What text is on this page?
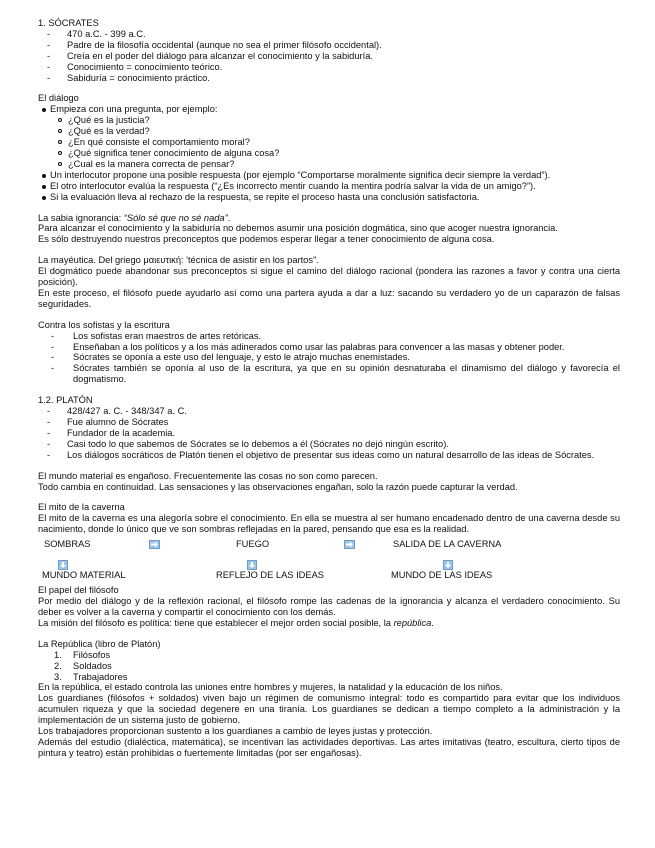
1. SÓCRATES

- 470 a.C. - 399 a.C.
- Padre de la filosofía occidental (aunque no sea el primer filósofo occidental).
- Creía en el poder del diálogo para alcanzar el conocimiento y la sabiduría.
- Conocimiento = conocimiento teórico.
- Sabiduría = conocimiento práctico.

El diálogo

Empieza con una pregunta, por ejemplo:
¿Qué es la justicia?
¿Qué es la verdad?
¿En qué consiste el comportamiento moral?
¿Qué significa tener conocimiento de alguna cosa?
¿Cual es la manera correcta de pensar?
Un interlocutor propone una posible respuesta (por ejemplo “Comportarse moralmente significa decir siempre la verdad”).
El otro interlocutor evalúa la respuesta (“¿Es incorrecto mentir cuando la mentira podría salvar la vida de un amigo?”).
Si la evaluación lleva al rechazo de la respuesta, se repite el proceso hasta una conclusión satisfactoria.

La sabia ignorancia: “Sólo sé que no sé nada”.

Para alcanzar el conocimiento y la sabiduría no debemos asumir una posición dogmática, sino que acoger nuestra ignorancia.

Es sólo destruyendo nuestros preconceptos que podemos esperar llegar a tener conocimiento de alguna cosa.

La mayéutica. Del griego μαιευτική: 'técnica de asistir en los partos''.

El dogmático puede abandonar sus preconceptos si sigue el camino del diálogo racional (pondera las razones a favor y contra una cierta posición).

En este proceso, el filósofo puede ayudarlo así como una partera ayuda a dar a luz: sacando su verdadero yo de un caparazón de falsas seguridades.

Contra los sofistas y la escritura

- Los sofistas eran maestros de artes retóricas.
- Enseñaban a los políticos y a los más adinerados como usar las palabras para convencer a las masas y obtener poder.
- Sócrates se oponía a este uso del lenguaje, y esto le atrajo muchas enemistades.
- Sócrates también se oponía al uso de la escritura, ya que en su opinión desnaturaba el dinamismo del diálogo y favorecía el dogmatismo.

1.2. PLATÓN

- 428/427 a. C. - 348/347 a. C.
- Fue alumno de Sócrates
- Fundador de la academia.
- Casi todo lo que sabemos de Sócrates se lo debemos a él (Sócrates no dejó ningún escrito).
- Los diálogos socráticos de Platón tienen el objetivo de presentar sus ideas como un natural desarrollo de las ideas de Sócrates.

El mundo material es engañoso. Frecuentemente las cosas no son como parecen.

Todo cambia en continuidad. Las sensaciones y las observaciones engañan, solo la razón puede capturar la verdad.

El mito de la caverna

El mito de la caverna es una alegoría sobre el conocimiento. En ella se muestra al ser humano encadenado dentro de una caverna desde su nacimiento, donde lo único que ve son sombras reflejadas en la pared, pensando que esa es la realidad.

SOMBRAS	FUEGO	SALIDA DE LA CAVERNA
MUNDO MATERIAL	REFLEJO DE LAS IDEAS	MUNDO DE LAS IDEAS

El papel del filósofo

Por medio del diálogo y de la reflexión racional, el filósofo rompe las cadenas de la ignorancia y alcanza el verdadero conocimiento. Su deber es volver a la caverna y compartir el conocimiento con los demás.

La misión del filósofo es política: tiene que establecer el mejor orden social posible, la república.

La República (libro de Platón)

1. Filósofos
2. Soldados
3. Trabajadores

En la república, el estado controla las uniones entre hombres y mujeres, la natalidad y la educación de los niños.

Los guardianes (filósofos + soldados) viven bajo un régimen de comunismo integral: todo es compartido para evitar que los individuos acumulen riqueza y que la sociedad degenere en una tiranía. Los guardianes se dedican a tiempo completo a la administración y la implementación de un sistema justo de gobierno.

Los trabajadores proporcionan sustento a los guardianes a cambio de leyes justas y protección.

Además del estudio (dialéctica, matemática), se incentivan las actividades deportivas. Las artes imitativas (teatro, escultura, cierto tipos de pintura y teatro) están prohibidas o fuertemente limitadas (por ser engañosas).
